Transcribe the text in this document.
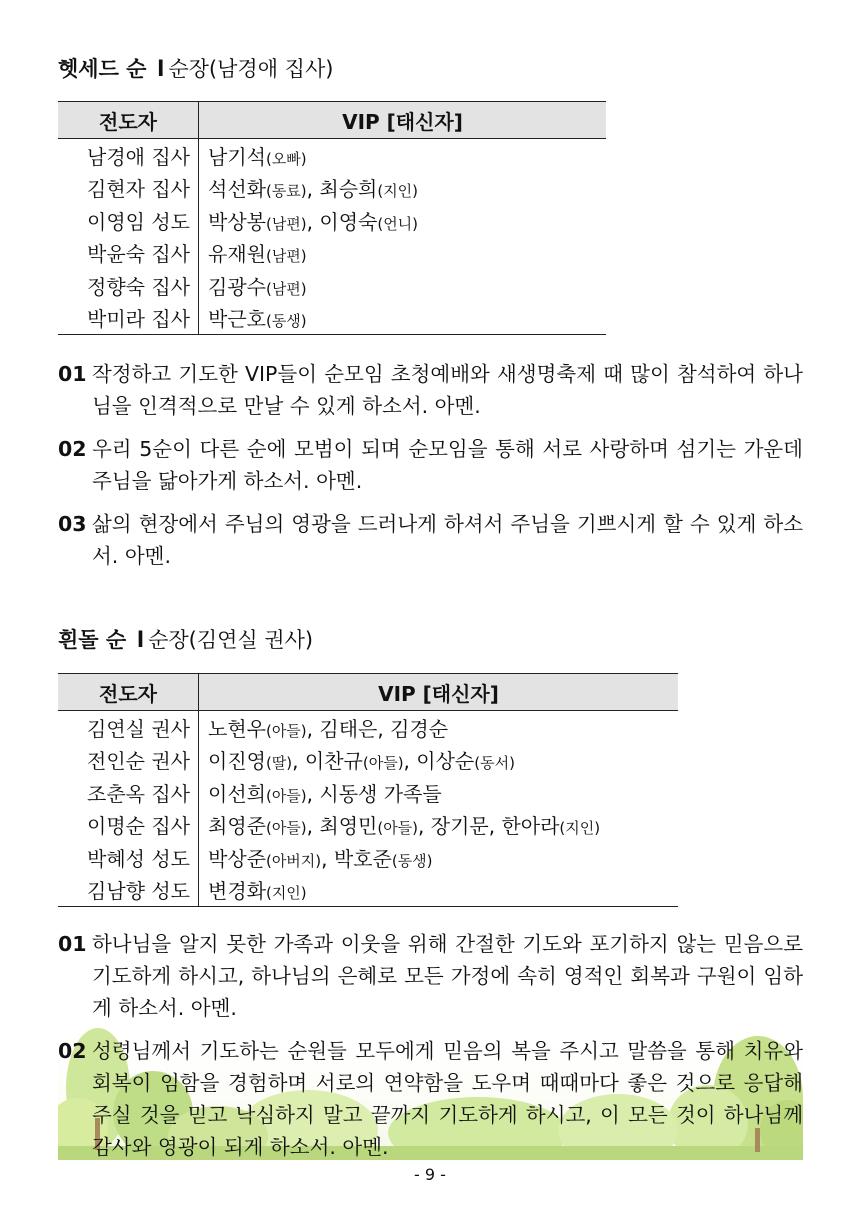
헷세드 순 l 순장(남경애 집사)
전도자	VIP [태신자]
남경애 집사	남기석(오빠)
김현자 집사	석선화(동료), 최승희(지인)
이영임 성도	박상봉(남편), 이영숙(언니)
박윤숙 집사	유재원(남편)
정향숙 집사	김광수(남편)
박미라 집사	박근호(동생)
01 작정하고 기도한 VIP들이 순모임 초청예배와 새생명축제 때 많이 참석하여 하나님을 인격적으로 만날 수 있게 하소서. 아멘.
02 우리 5순이 다른 순에 모범이 되며 순모임을 통해 서로 사랑하며 섬기는 가운데 주님을 닮아가게 하소서. 아멘.
03 삶의 현장에서 주님의 영광을 드러나게 하셔서 주님을 기쁘시게 할 수 있게 하소서. 아멘.
흰돌 순 l 순장(김연실 권사)
전도자	VIP [태신자]
김연실 권사	노현우(아들), 김태은, 김경순
전인순 권사	이진영(딸), 이찬규(아들), 이상순(동서)
조춘옥 집사	이선희(아들), 시동생 가족들
이명순 집사	최영준(아들), 최영민(아들), 장기문, 한아라(지인)
박혜성 성도	박상준(아버지), 박호준(동생)
김남향 성도	변경화(지인)
01 하나님을 알지 못한 가족과 이웃을 위해 간절한 기도와 포기하지 않는 믿음으로 기도하게 하시고, 하나님의 은혜로 모든 가정에 속히 영적인 회복과 구원이 임하게 하소서. 아멘.
02 성령님께서 기도하는 순원들 모두에게 믿음의 복을 주시고 말씀을 통해 치유와 회복이 임함을 경험하며 서로의 연약함을 도우며 때때마다 좋은 것으로 응답해 주실 것을 믿고 낙심하지 말고 끝까지 기도하게 하시고, 이 모든 것이 하나님께 감사와 영광이 되게 하소서. 아멘.
- 9 -
